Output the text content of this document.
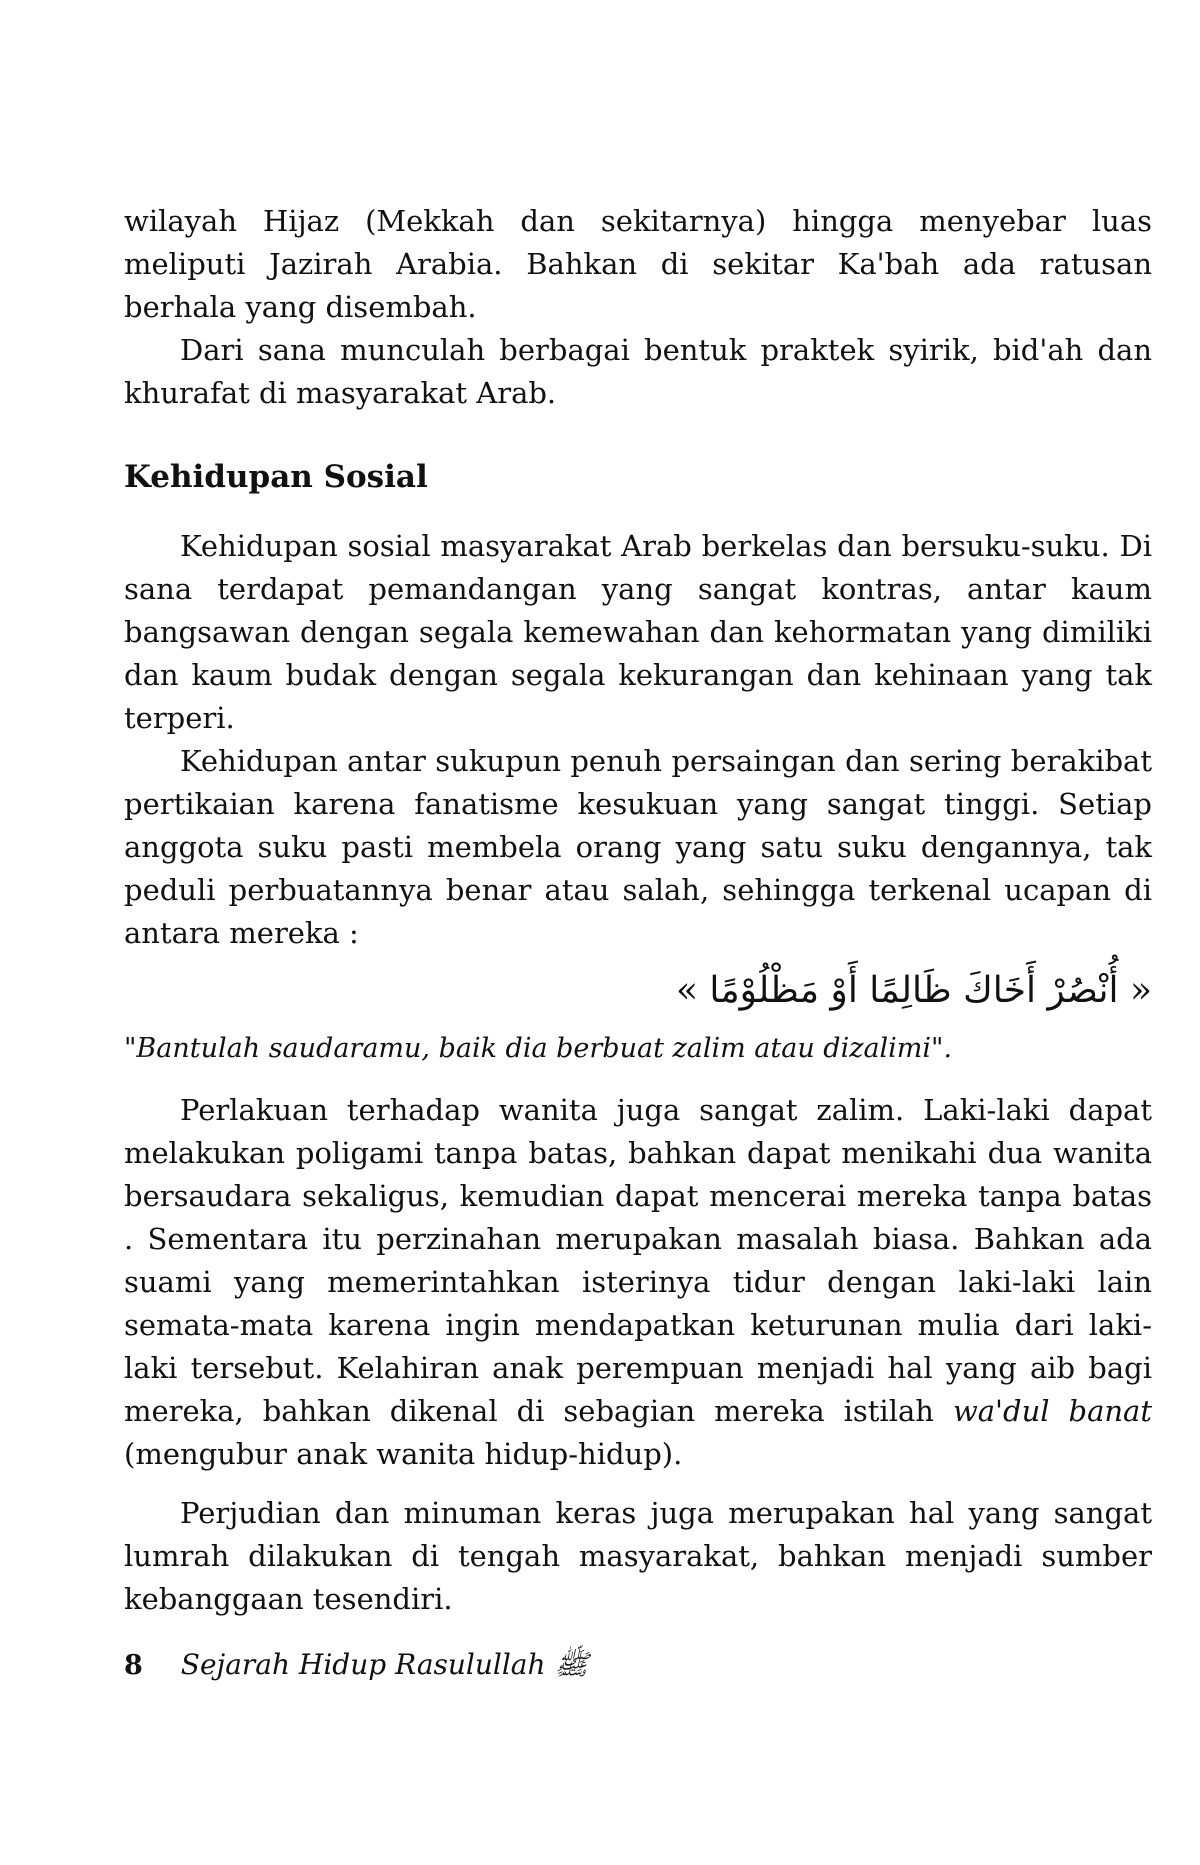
wilayah Hijaz (Mekkah dan sekitarnya) hingga menyebar luas meliputi Jazirah Arabia. Bahkan di sekitar Ka'bah ada ratusan berhala yang disembah.

Dari sana munculah berbagai bentuk praktek syirik, bid'ah dan khurafat di masyarakat Arab.

Kehidupan Sosial

Kehidupan sosial masyarakat Arab berkelas dan bersuku-suku. Di sana terdapat pemandangan yang sangat kontras, antar kaum bangsawan dengan segala kemewahan dan kehormatan yang dimiliki dan kaum budak dengan segala kekurangan dan kehinaan yang tak terperi.

Kehidupan antar sukupun penuh persaingan dan sering berakibat pertikaian karena fanatisme kesukuan yang sangat tinggi. Setiap anggota suku pasti membela orang yang satu suku dengannya, tak peduli perbuatannya benar atau salah, sehingga terkenal ucapan di antara mereka :

« أُنْصُرْ أَخَاكَ ظَالِمًا أَوْ مَظْلُوْمًا »

"Bantulah saudaramu, baik dia berbuat zalim atau dizalimi".

Perlakuan terhadap wanita juga sangat zalim. Laki-laki dapat melakukan poligami tanpa batas, bahkan dapat menikahi dua wanita bersaudara sekaligus, kemudian dapat mencerai mereka tanpa batas . Sementara itu perzinahan merupakan masalah biasa. Bahkan ada suami yang memerintahkan isterinya tidur dengan laki-laki lain semata-mata karena ingin mendapatkan keturunan mulia dari laki-laki tersebut. Kelahiran anak perempuan menjadi hal yang aib bagi mereka, bahkan dikenal di sebagian mereka istilah wa'dul banat (mengubur anak wanita hidup-hidup).

Perjudian dan minuman keras juga merupakan hal yang sangat lumrah dilakukan di tengah masyarakat, bahkan menjadi sumber kebanggaan tesendiri.

8 Sejarah Hidup Rasulullah ﷺ
